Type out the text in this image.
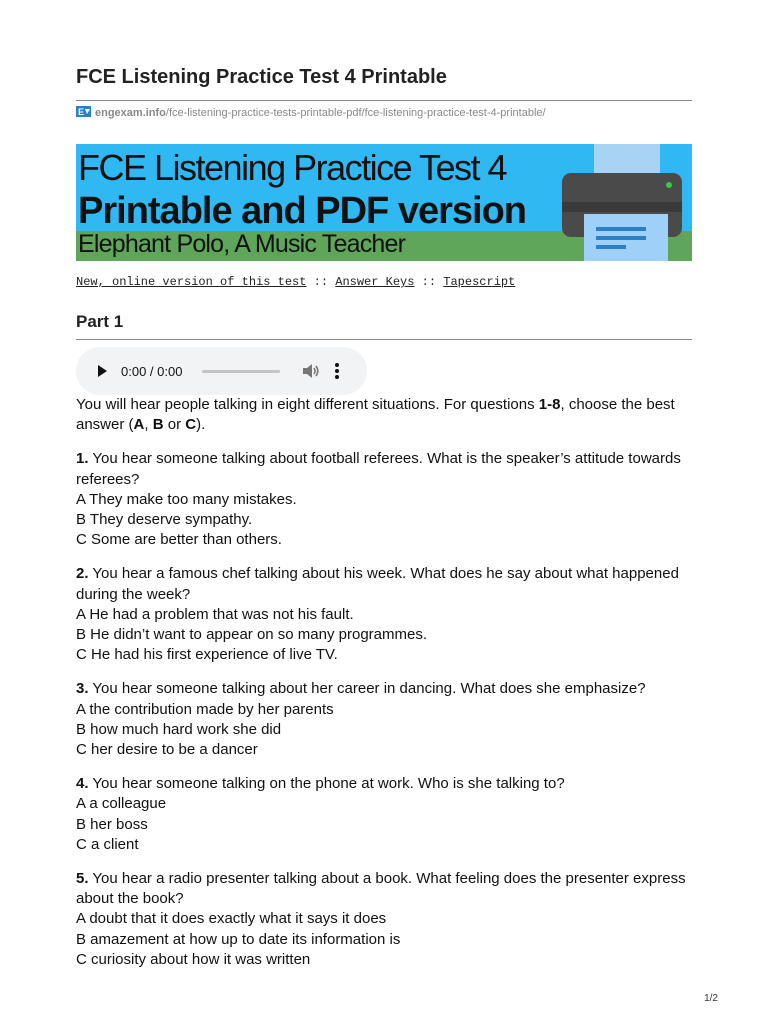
FCE Listening Practice Test 4 Printable
E engexam.info/fce-listening-practice-tests-printable-pdf/fce-listening-practice-test-4-printable/
FCE Listening Practice Test 4
Printable and PDF version
Elephant Polo, A Music Teacher
New, online version of this test :: Answer Keys :: Tapescript
Part 1
0:00 / 0:00

You will hear people talking in eight different situations. For questions 1-8, choose the best answer (A, B or C).

1. You hear someone talking about football referees. What is the speaker’s attitude towards referees?
A They make too many mistakes.
B They deserve sympathy.
C Some are better than others.

2. You hear a famous chef talking about his week. What does he say about what happened during the week?
A He had a problem that was not his fault.
B He didn’t want to appear on so many programmes.
C He had his first experience of live TV.

3. You hear someone talking about her career in dancing. What does she emphasize?
A the contribution made by her parents
B how much hard work she did
C her desire to be a dancer

4. You hear someone talking on the phone at work. Who is she talking to?
A a colleague
B her boss
C a client

5. You hear a radio presenter talking about a book. What feeling does the presenter express about the book?
A doubt that it does exactly what it says it does
B amazement at how up to date its information is
C curiosity about how it was written

1/2
